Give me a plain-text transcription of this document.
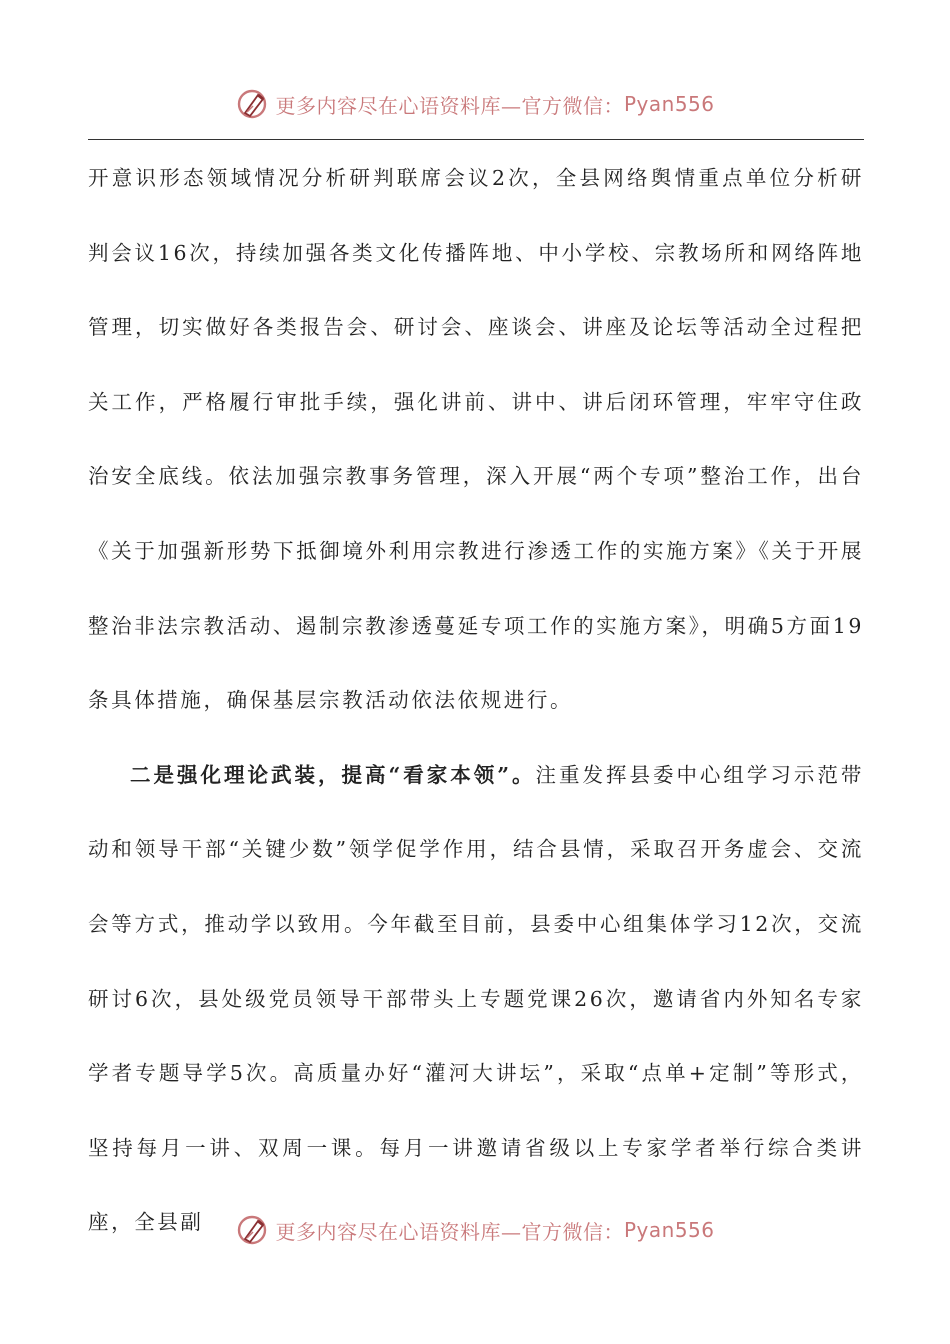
更多内容尽在心语资料库—官方微信： Pyan556

开意识形态领域情况分析研判联席会议2次，全县网络舆情重点单位分析研判会议16次，持续加强各类文化传播阵地、中小学校、宗教场所和网络阵地管理，切实做好各类报告会、研讨会、座谈会、讲座及论坛等活动全过程把关工作，严格履行审批手续，强化讲前、讲中、讲后闭环管理，牢牢守住政治安全底线。依法加强宗教事务管理，深入开展“两个专项”整治工作，出台《关于加强新形势下抵御境外利用宗教进行渗透工作的实施方案》《关于开展整治非法宗教活动、遏制宗教渗透蔓延专项工作的实施方案》，明确5方面19条具体措施，确保基层宗教活动依法依规进行。

二是强化理论武装，提高“看家本领”。注重发挥县委中心组学习示范带动和领导干部“关键少数”领学促学作用，结合县情，采取召开务虚会、交流会等方式，推动学以致用。今年截至目前，县委中心组集体学习12次，交流研讨6次，县处级党员领导干部带头上专题党课26次，邀请省内外知名专家学者专题导学5次。高质量办好“灌河大讲坛”，采取“点单+定制”等形式，坚持每月一讲、双周一课。每月一讲邀请省级以上专家学者举行综合类讲座，全县副	更多内容尽在心语资料库—官方微信： Pyan556
